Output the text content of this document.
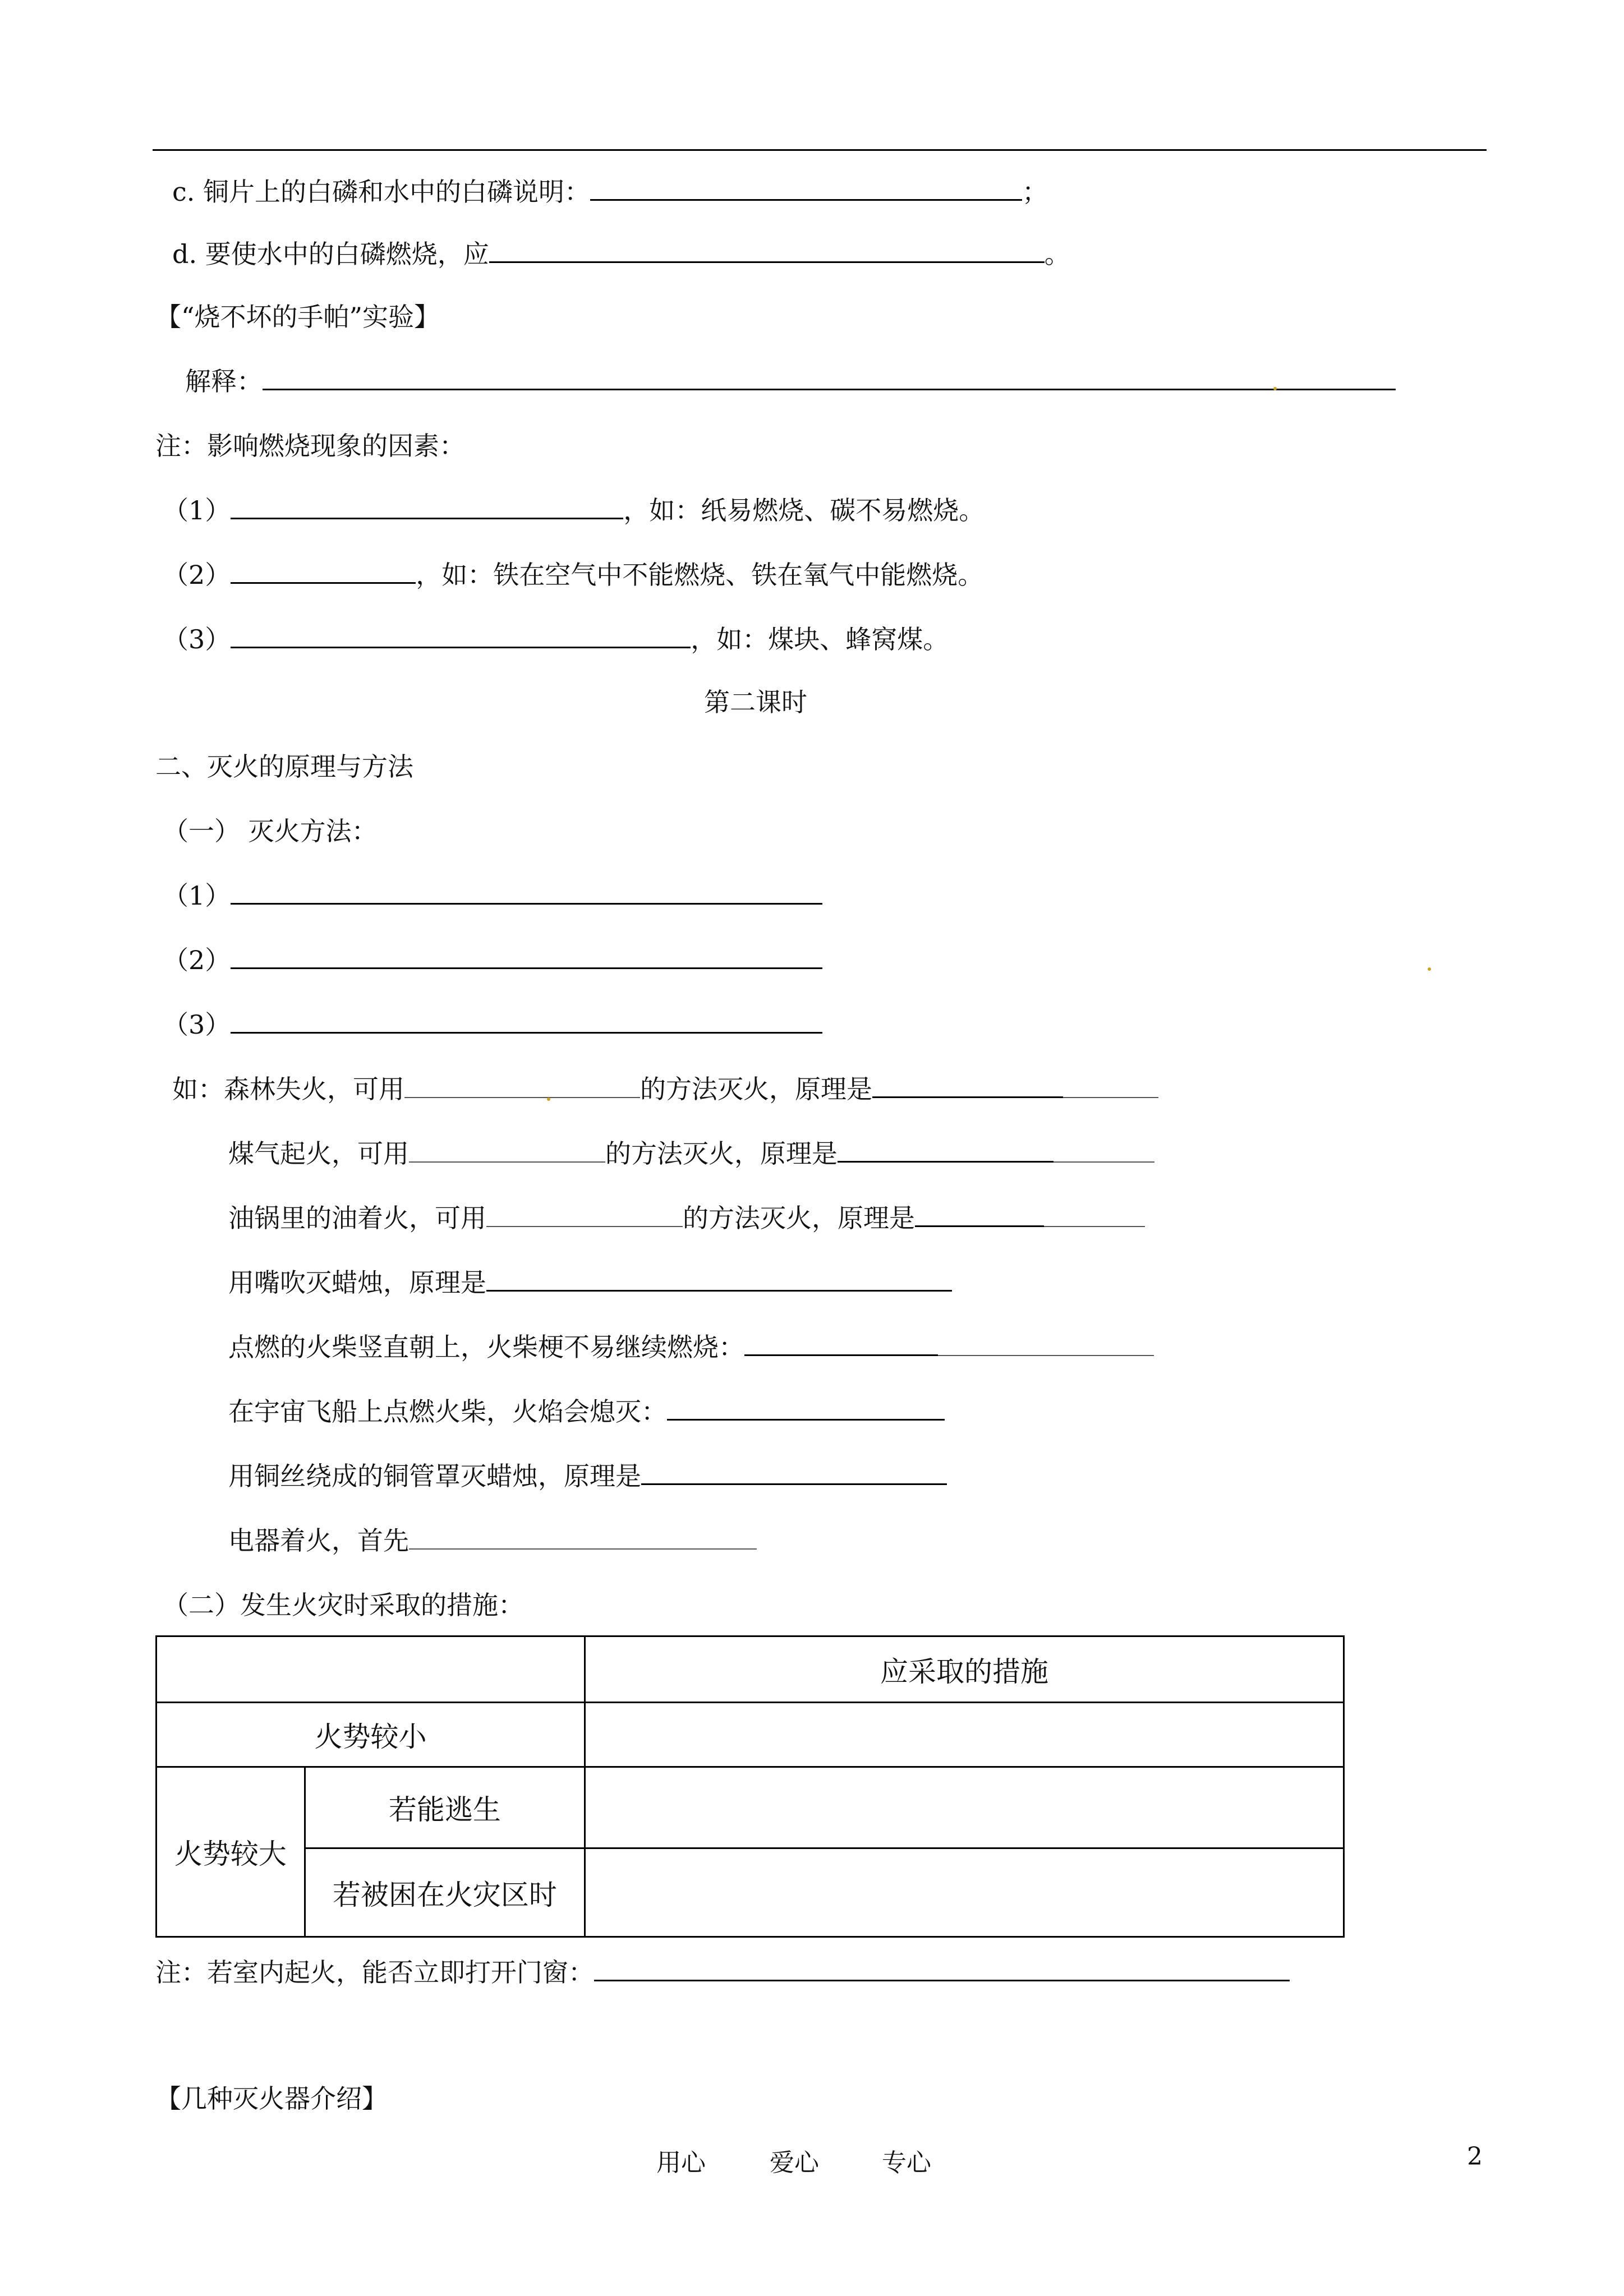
c. 铜片上的白磷和水中的白磷说明：	；
d. 要使水中的白磷燃烧，应	。
【“烧不坏的手帕”实验】
解释：
注：影响燃烧现象的因素：
（1）	，如：纸易燃烧、碳不易燃烧。
（2）	，如：铁在空气中不能燃烧、铁在氧气中能燃烧。
（3）	，如：煤块、蜂窝煤。
第二课时
二、灭火的原理与方法
（一） 灭火方法：
（1）
（2）
（3）
如：森林失火，可用	的方法灭火，原理是
煤气起火，可用	的方法灭火，原理是
油锅里的油着火，可用	的方法灭火，原理是
用嘴吹灭蜡烛，原理是
点燃的火柴竖直朝上，火柴梗不易继续燃烧：
在宇宙飞船上点燃火柴，火焰会熄灭：
用铜丝绕成的铜管罩灭蜡烛，原理是
电器着火，首先
（二）发生火灾时采取的措施：
		应采取的措施
火势较小		
火势较大	若能逃生	
	若被困在火灾区时	
注：若室内起火，能否立即打开门窗：
【几种灭火器介绍】
用心	爱心	专心	2
